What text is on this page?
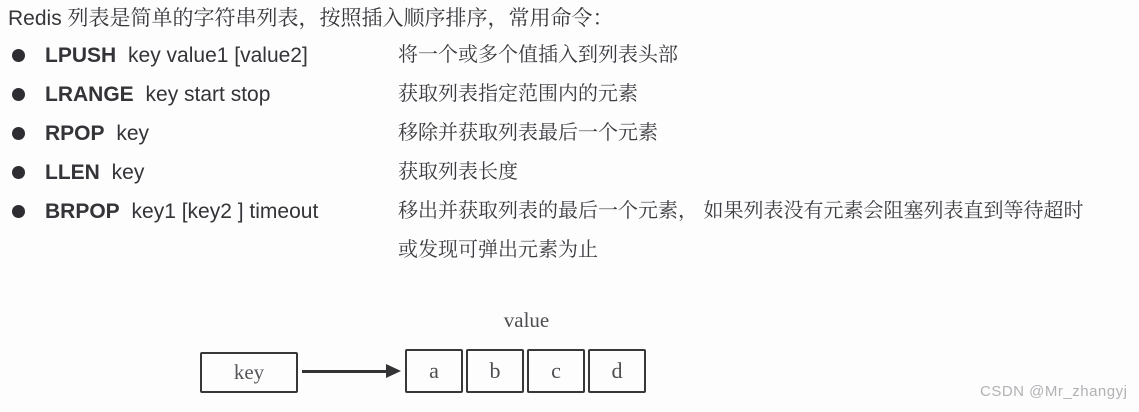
Redis 列表是简单的字符串列表，按照插入顺序排序，常用命令：
LPUSH key value1 [value2]	将一个或多个值插入到列表头部
LRANGE key start stop	获取列表指定范围内的元素
RPOP key	移除并获取列表最后一个元素
LLEN key	获取列表长度
BRPOP key1 [key2 ] timeout	移出并获取列表的最后一个元素， 如果列表没有元素会阻塞列表直到等待超时
或发现可弹出元素为止
value
key	a	b	c	d
CSDN @Mr_zhangyj
